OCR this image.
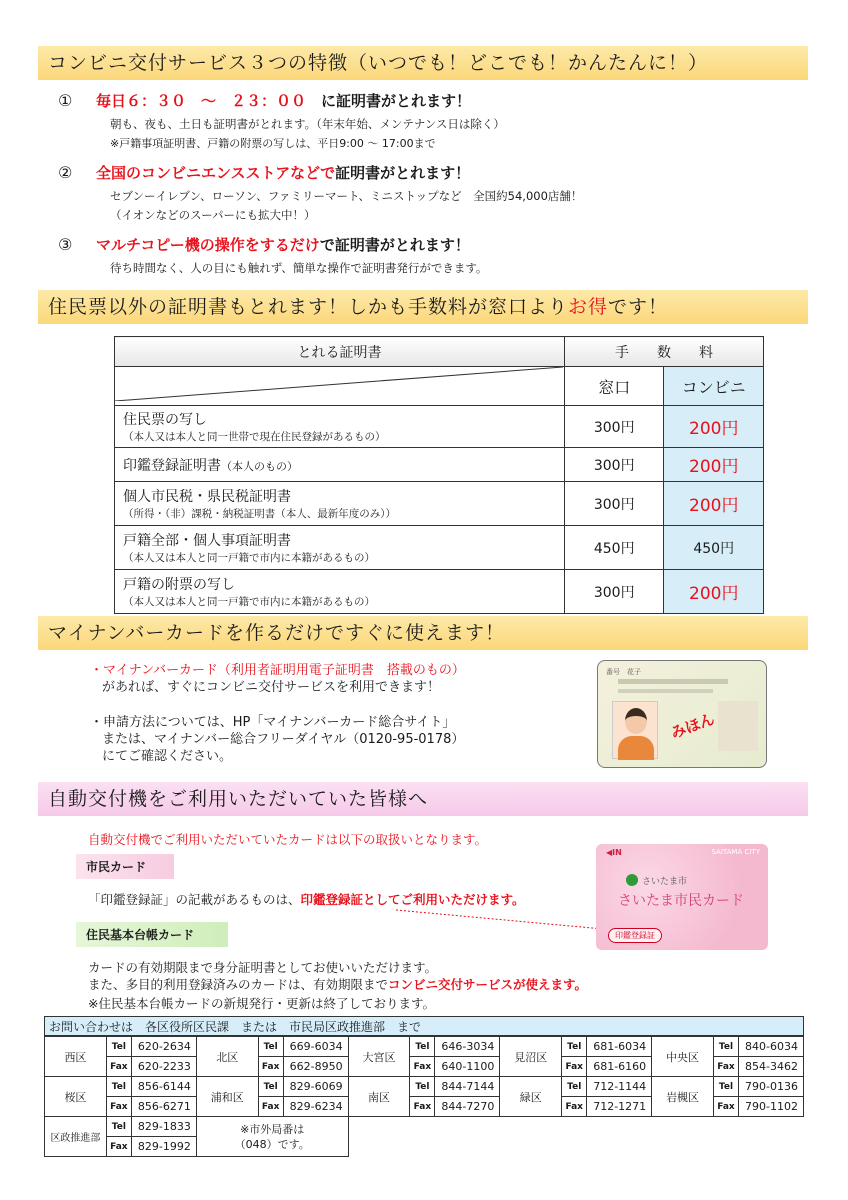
コンビニ交付サービス３つの特徴（いつでも！どこでも！かんたんに！）
①	毎日６：３０　～　２３：００　 に証明書がとれます！
朝も、夜も、土日も証明書がとれます。（年末年始、メンテナンス日は除く）
※戸籍事項証明書、戸籍の附票の写しは、平日9:00 ～ 17:00まで
②	全国のコンビニエンスストアなどで証明書がとれます！
セブンーイレブン、ローソン、ファミリーマート、ミニストップなど　全国約54,000店舗！
（イオンなどのスーパーにも拡大中！）
③	マルチコピー機の操作をするだけで証明書がとれます！
待ち時間なく、人の目にも触れず、簡単な操作で証明書発行ができます。
住民票以外の証明書もとれます！しかも手数料が窓口よりお得です！
とれる証明書	手　　数　　料	
	窓口	コンビニ

住民票の写し
（本人又は本人と同一世帯で現在住民登録があるもの）	300円	200円

印鑑登録証明書（本人のもの）	300円	200円

個人市民税・県民税証明書
（所得・（非）課税・納税証明書（本人、最新年度のみ））	300円	200円

戸籍全部・個人事項証明書
（本人又は本人と同一戸籍で市内に本籍があるもの）	450円	450円

戸籍の附票の写し
（本人又は本人と同一戸籍で市内に本籍があるもの）	300円	200円
マイナンバーカードを作るだけですぐに使えます！
・マイナンバーカード（利用者証明用電子証明書　搭載のもの）
があれば、すぐにコンビニ交付サービスを利用できます！
・申請方法については、HP「マイナンバーカード総合サイト」
または、マイナンバー総合フリーダイヤル（0120-95-0178）
にてご確認ください。
番号　花子
みほん
自動交付機をご利用いただいていた皆様へ
自動交付機でご利用いただいていたカードは以下の取扱いとなります。
市民カード
「印鑑登録証」の記載があるものは、印鑑登録証としてご利用いただけます。
住民基本台帳カード
カードの有効期限まで身分証明書としてお使いいただけます。
また、多目的利用登録済みのカードは、有効期限までコンビニ交付サービスが使えます。
※住民基本台帳カードの新規発行・更新は終了しております。
◀IN	SAITAMA CITY
さいたま市
さいたま市民カード
印鑑登録証
お問い合わせは　各区役所区民課　または　市民局区政推進部　まで
西区	Tel	620-2634	北区	Tel	669-6034	大宮区	Tel	646-3034	見沼区	Tel	681-6034	中央区	Tel	840-6034
	Fax	620-2233		Fax	662-8950		Fax	640-1100		Fax	681-6160		Fax	854-3462
桜区	Tel	856-6144	浦和区	Tel	829-6069	南区	Tel	844-7144	緑区	Tel	712-1144	岩槻区	Tel	790-0136
	Fax	856-6271		Fax	829-6234		Fax	844-7270		Fax	712-1271		Fax	790-1102
区政推進部	Tel	829-1833	※市外局番は
（048）です。											

	Fax	829-1992												
